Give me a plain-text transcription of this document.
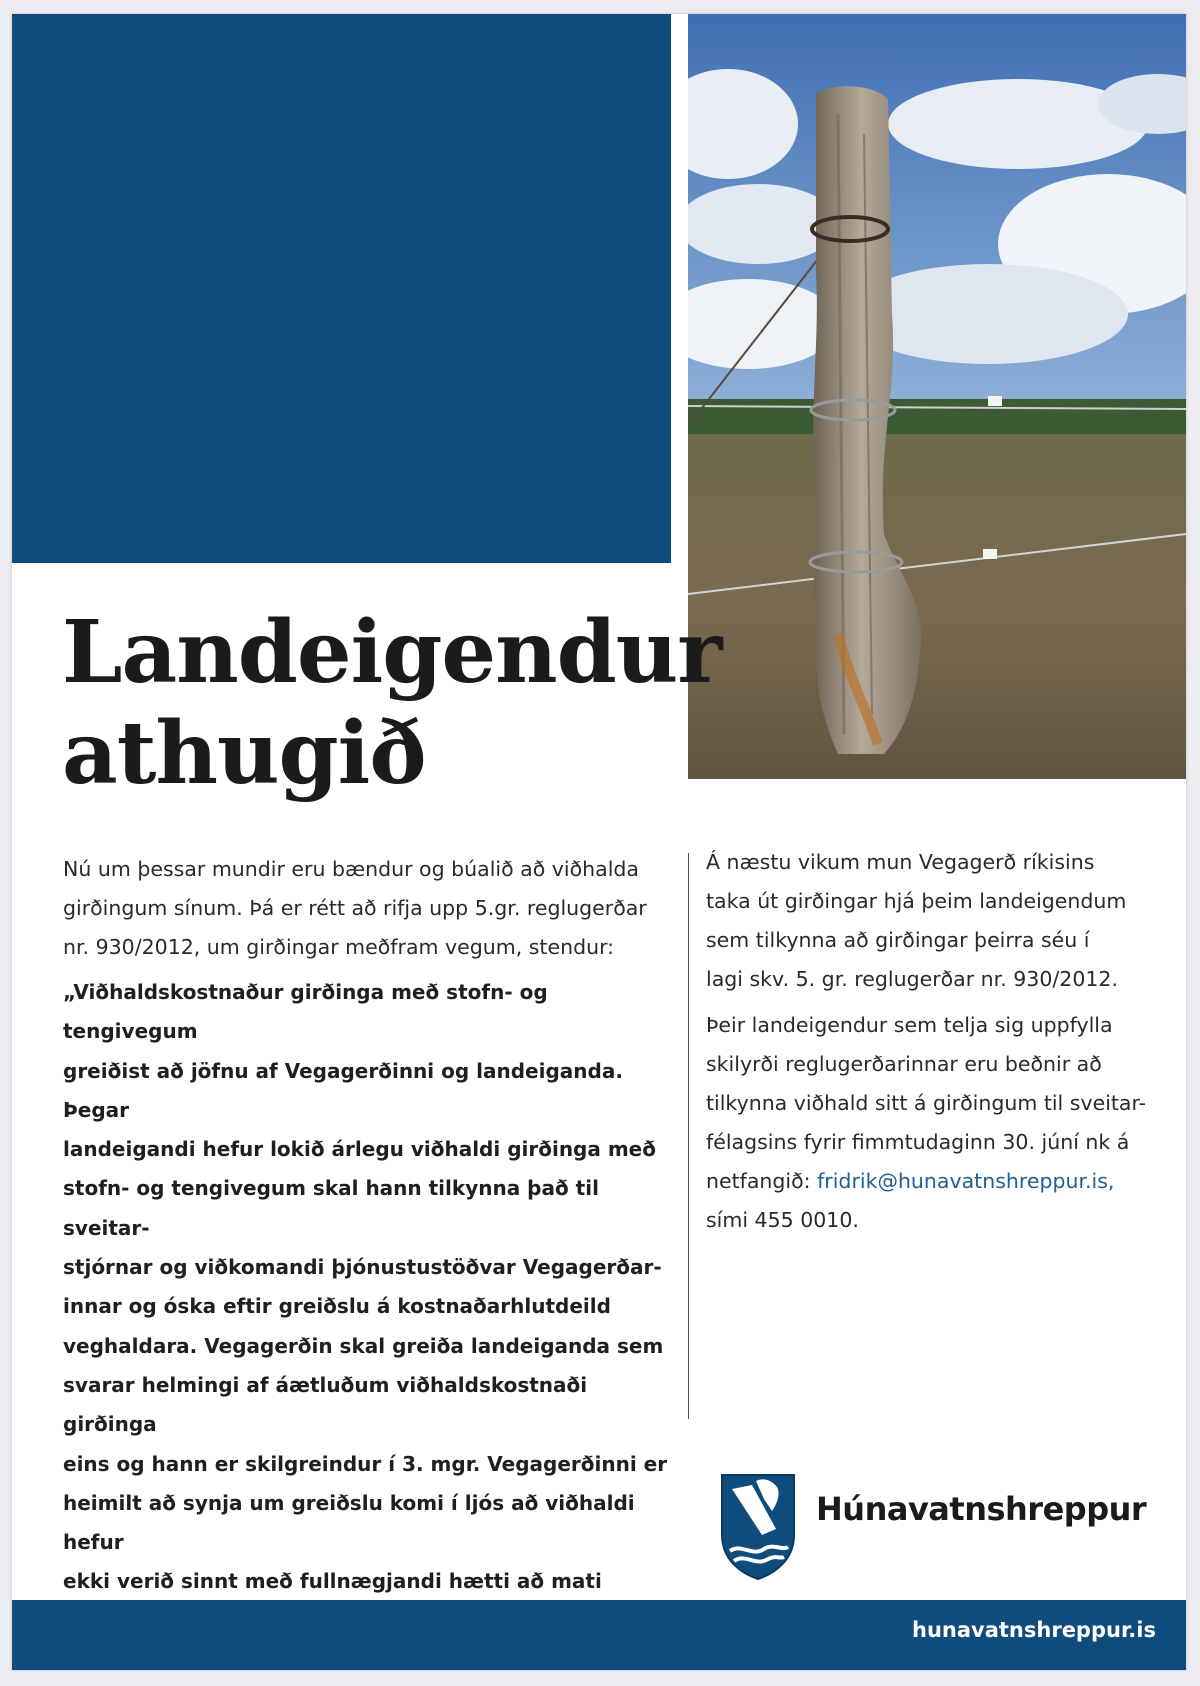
Landeigendur
athugið

Nú um þessar mundir eru bændur og búalið að viðhalda
girðingum sínum. Þá er rétt að rifja upp 5.gr. reglugerðar
nr. 930/2012, um girðingar meðfram vegum, stendur:

„Viðhaldskostnaður girðinga með stofn- og tengivegum
greiðist að jöfnu af Vegagerðinni og landeiganda. Þegar
landeigandi hefur lokið árlegu viðhaldi girðinga með
stofn- og tengivegum skal hann tilkynna það til sveitar-
stjórnar og viðkomandi þjónustustöðvar Vegagerðar-
innar og óska eftir greiðslu á kostnaðarhlutdeild
veghaldara. Vegagerðin skal greiða landeiganda sem
svarar helmingi af áætluðum viðhaldskostnaði girðinga
eins og hann er skilgreindur í 3. mgr. Vegagerðinni er
heimilt að synja um greiðslu komi í ljós að viðhaldi hefur
ekki verið sinnt með fullnægjandi hætti að mati

Á næstu vikum mun Vegagerð ríkisins
taka út girðingar hjá þeim landeigendum
sem tilkynna að girðingar þeirra séu í
lagi skv. 5. gr. reglugerðar nr. 930/2012.

Þeir landeigendur sem telja sig uppfylla
skilyrði reglugerðarinnar eru beðnir að
tilkynna viðhald sitt á girðingum til sveitar-
félagsins fyrir fimmtudaginn 30. júní nk á
netfangið: fridrik@hunavatnshreppur.is,
sími 455 0010.

Húnavatnshreppur

hunavatnshreppur.is
